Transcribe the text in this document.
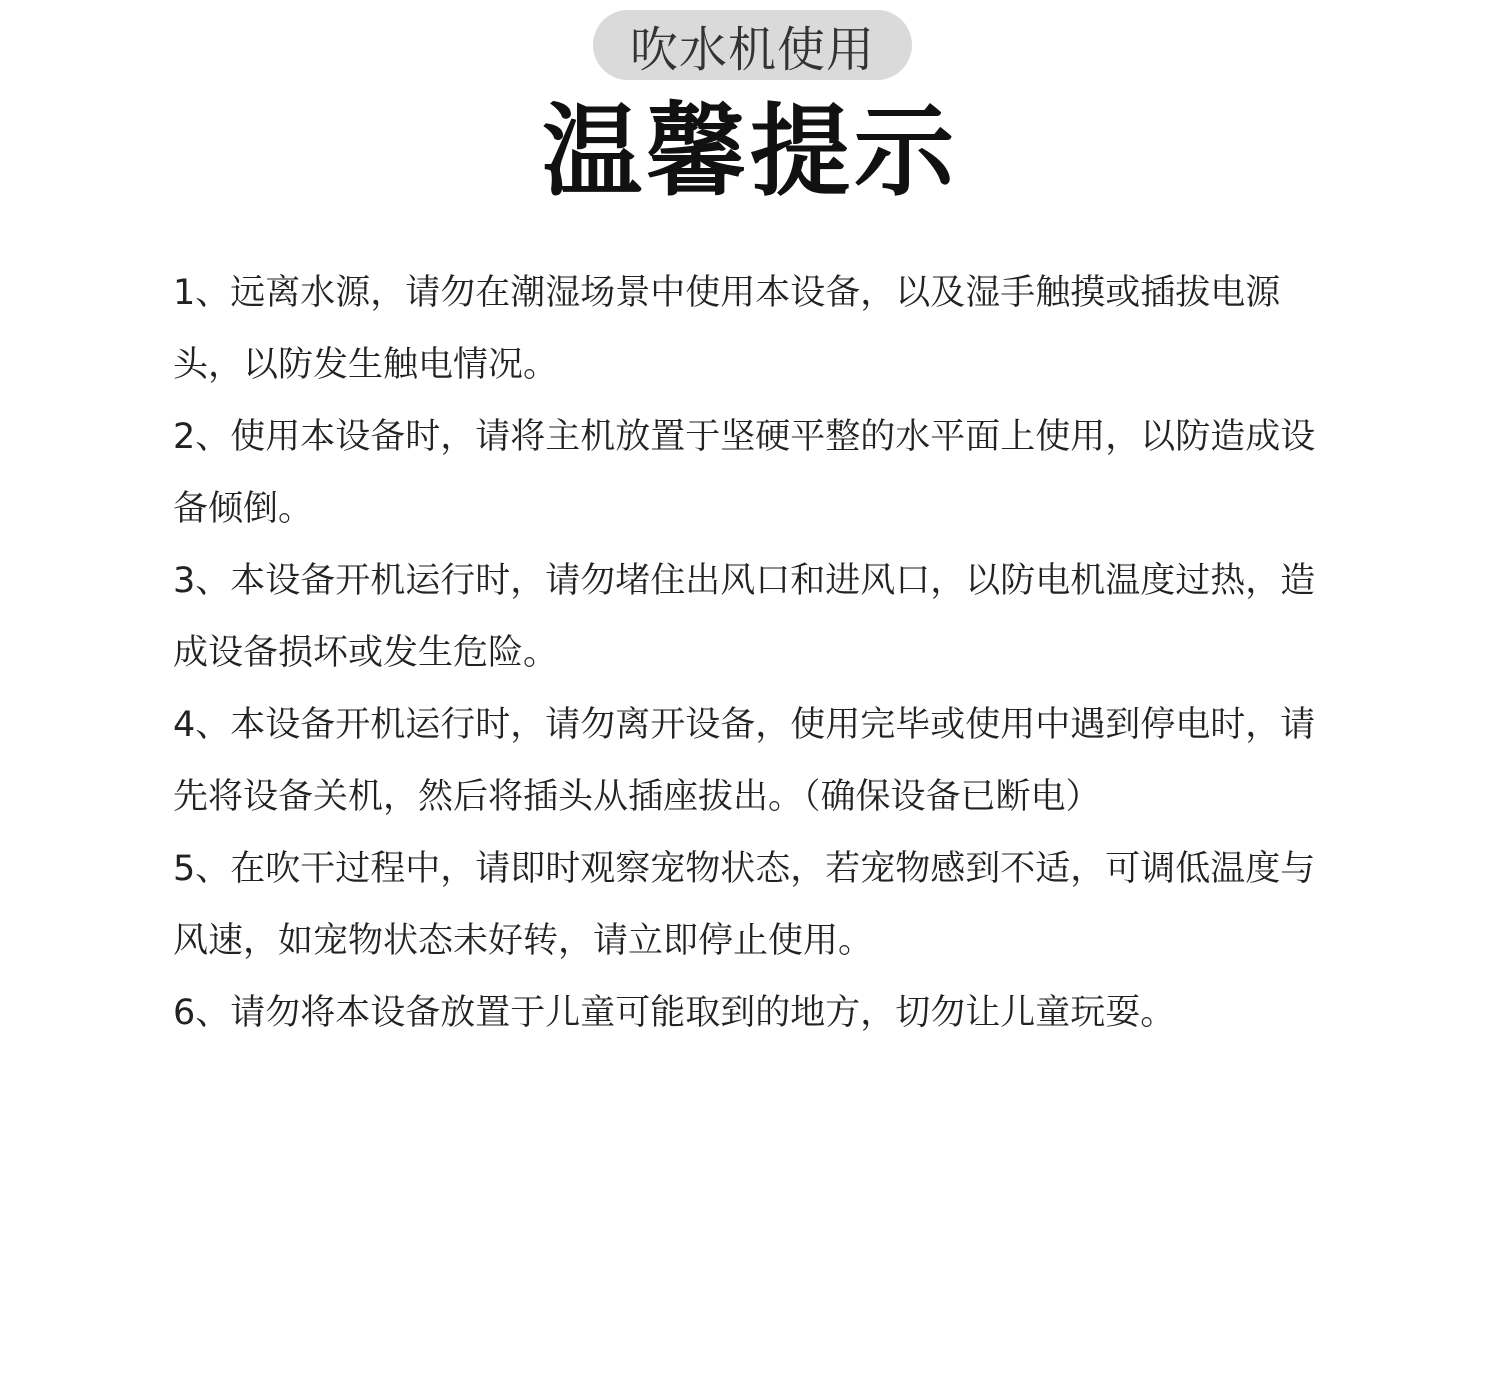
吹水机使用
温馨提示
1、远离水源，请勿在潮湿场景中使用本设备，以及湿手触摸或插拔电源头，以防发生触电情况。
2、使用本设备时，请将主机放置于坚硬平整的水平面上使用，以防造成设备倾倒。
3、本设备开机运行时，请勿堵住出风口和进风口，以防电机温度过热，造成设备损坏或发生危险。
4、本设备开机运行时，请勿离开设备，使用完毕或使用中遇到停电时，请先将设备关机，然后将插头从插座拔出。（确保设备已断电）
5、在吹干过程中，请即时观察宠物状态，若宠物感到不适，可调低温度与风速，如宠物状态未好转，请立即停止使用。
6、请勿将本设备放置于儿童可能取到的地方，切勿让儿童玩耍。
